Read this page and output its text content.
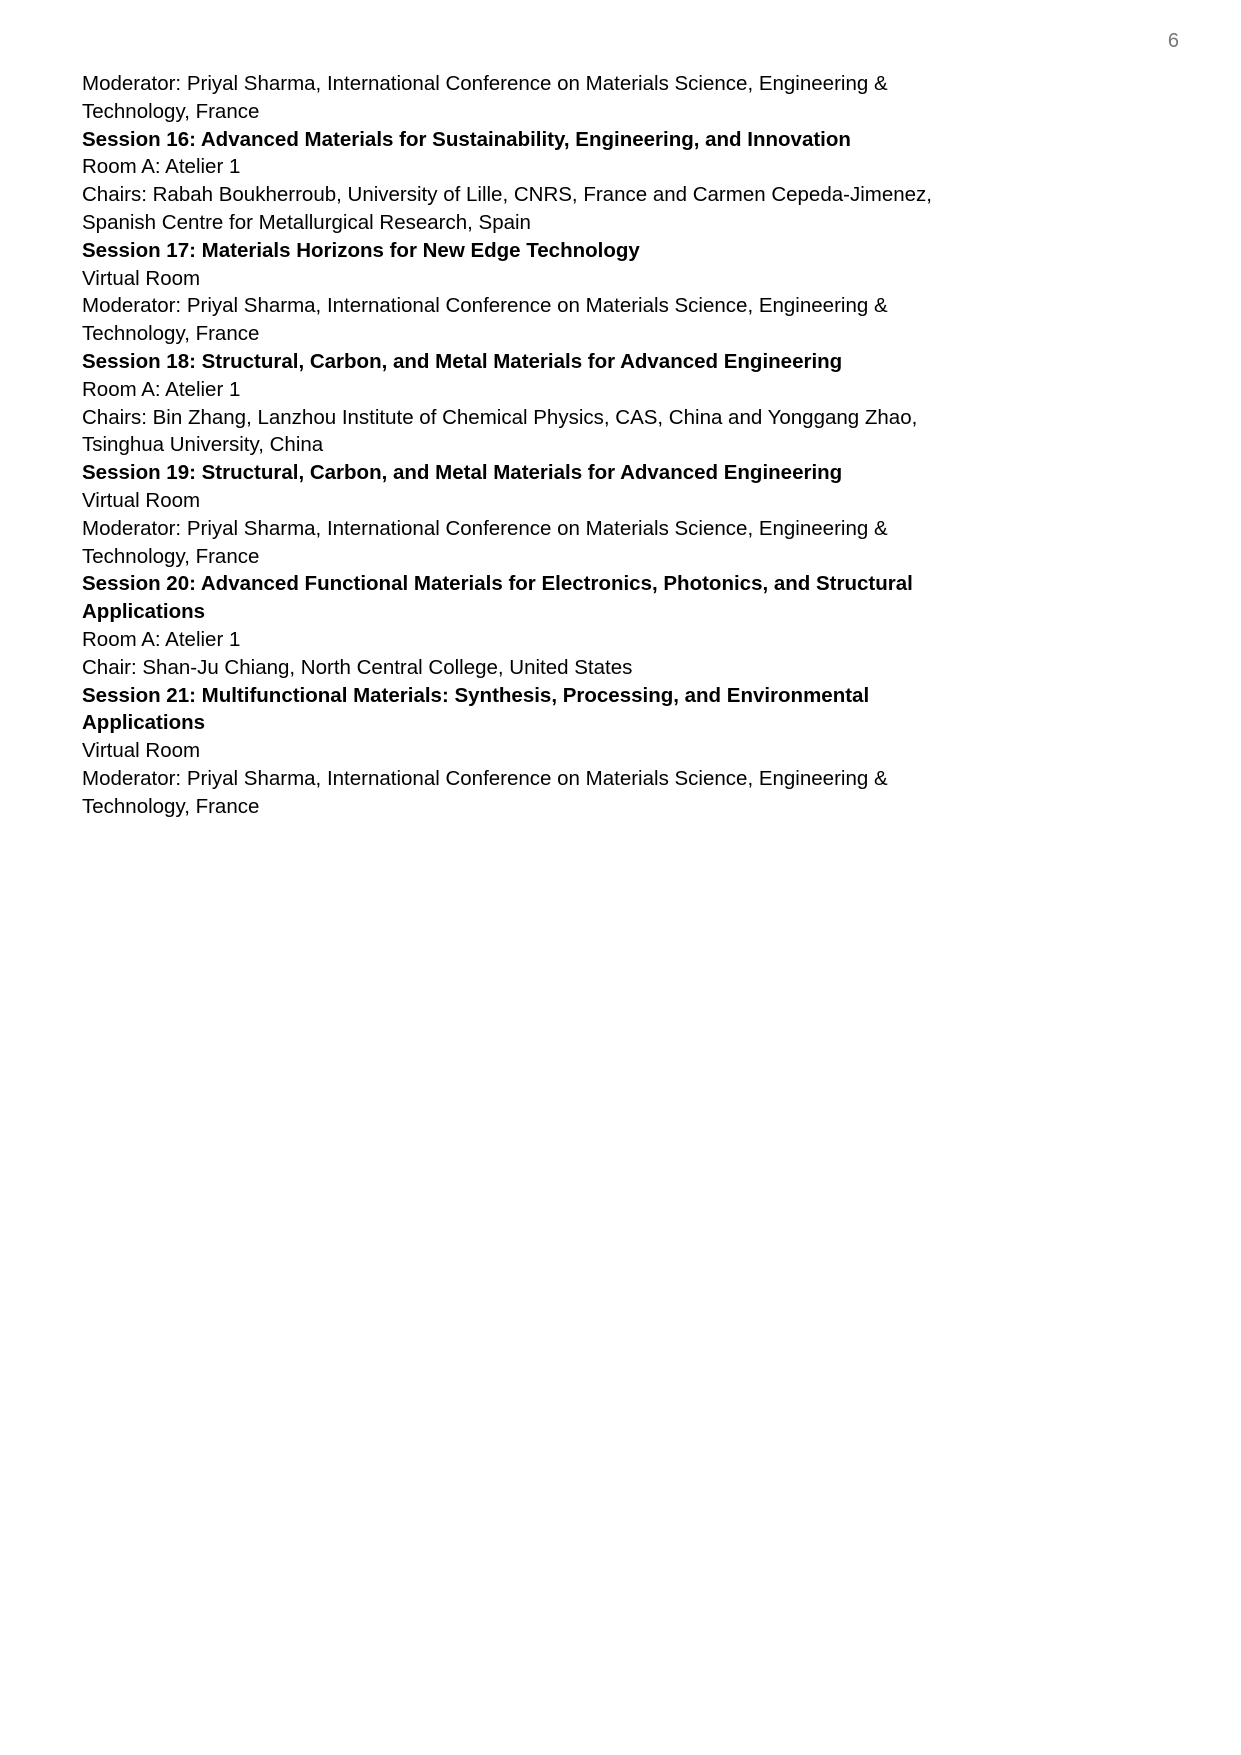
6
Moderator: Priyal Sharma, International Conference on Materials Science, Engineering &
Technology, France
Session 16: Advanced Materials for Sustainability, Engineering, and Innovation
Room A: Atelier 1
Chairs: Rabah Boukherroub, University of Lille, CNRS, France and Carmen Cepeda-Jimenez,
Spanish Centre for Metallurgical Research, Spain
Session 17: Materials Horizons for New Edge Technology
Virtual Room
Moderator: Priyal Sharma, International Conference on Materials Science, Engineering &
Technology, France
Session 18: Structural, Carbon, and Metal Materials for Advanced Engineering
Room A: Atelier 1
Chairs: Bin Zhang, Lanzhou Institute of Chemical Physics, CAS, China and Yonggang Zhao,
Tsinghua University, China
Session 19: Structural, Carbon, and Metal Materials for Advanced Engineering
Virtual Room
Moderator: Priyal Sharma, International Conference on Materials Science, Engineering &
Technology, France
Session 20: Advanced Functional Materials for Electronics, Photonics, and Structural
Applications
Room A: Atelier 1
Chair: Shan-Ju Chiang, North Central College, United States
Session 21: Multifunctional Materials: Synthesis, Processing, and Environmental
Applications
Virtual Room
Moderator: Priyal Sharma, International Conference on Materials Science, Engineering &
Technology, France
